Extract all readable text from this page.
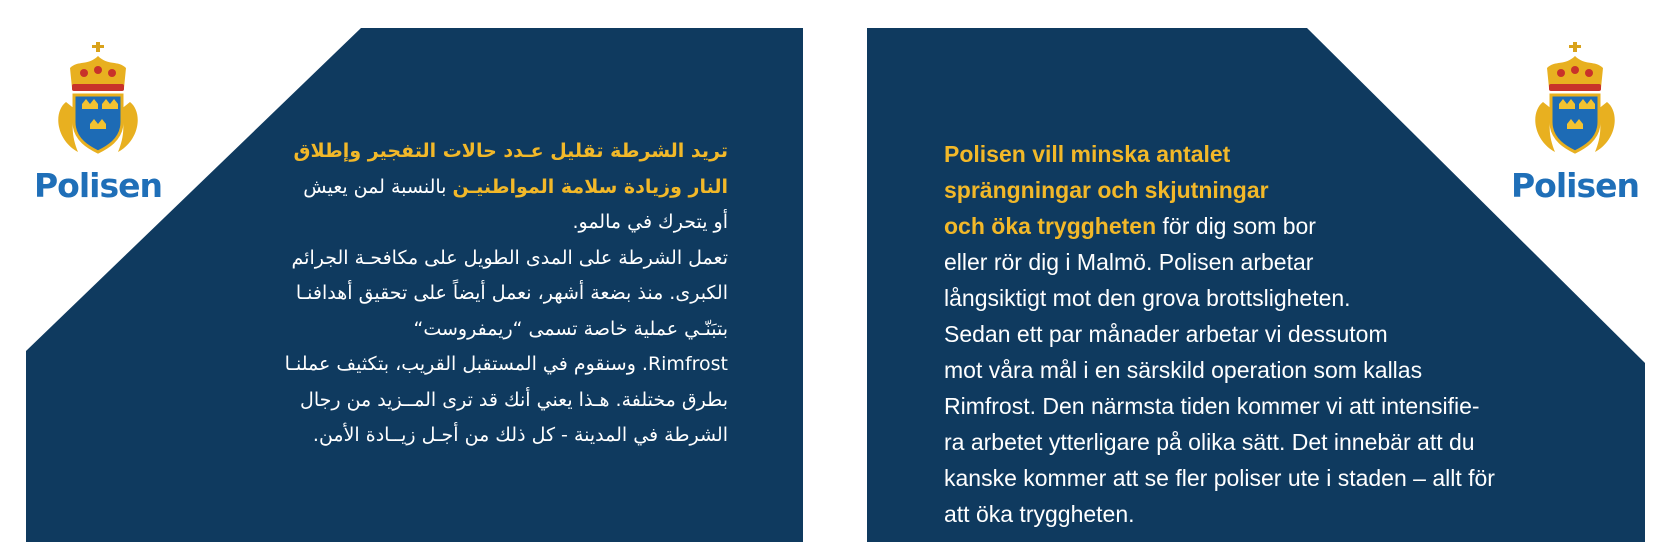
Polisen	Polisen

تريد الشرطة تقليل عـدد حالات التفجير وإطلاق

النار وزيادة سلامة المواطنيـن بالنسبة لمن يعيش

أو يتحرك في مالمو.

تعمل الشرطة على المدى الطويل على مكافحـة الجرائم

الكبرى. منذ بضعة أشهر، نعمل أيضاً على تحقيق أهدافنـا

بتبَنّـي عملية خاصة تسمى “ريمفروست“

Rimfrost. وسنقوم في المستقبل القريب، بتكثيف عملنـا

بطرق مختلفة. هـذا يعني أنك قد ترى المــزيد من رجال

الشرطة في المدينة - كل ذلك من أجـل زيــادة الأمن.

Polisen vill minska antalet

sprängningar och skjutningar

och öka tryggheten för dig som bor

eller rör dig i Malmö. Polisen arbetar

långsiktigt mot den grova brottsligheten.

Sedan ett par månader arbetar vi dessutom

mot våra mål i en särskild operation som kallas

Rimfrost. Den närmsta tiden kommer vi att intensifie-

ra arbetet ytterligare på olika sätt. Det innebär att du

kanske kommer att se fler poliser ute i staden – allt för

att öka tryggheten.
